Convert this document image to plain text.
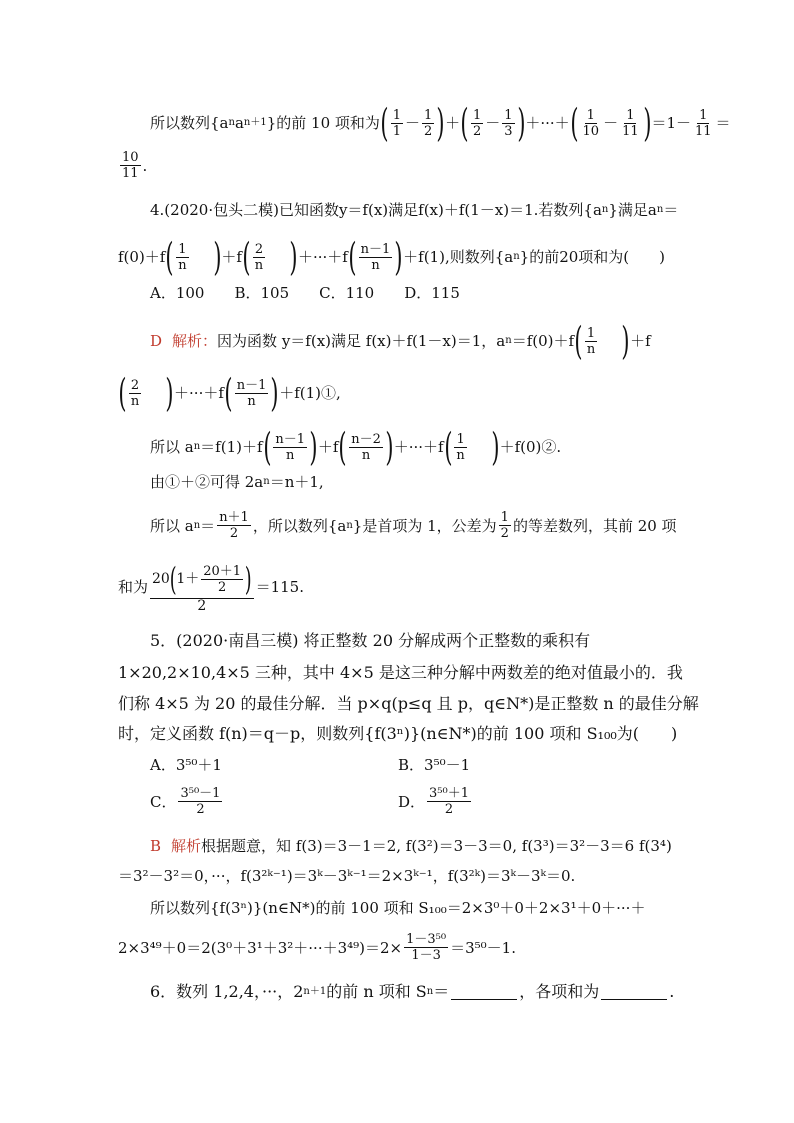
所以数列{a n a n＋1 }的前 10 项和为 ( $\frac{1}{1} - \frac{1}{2}$ ) ＋ ( $\frac{1}{2} - \frac{1}{3}$ ) ＋···＋ ( $\frac{1}{10} - \frac{1}{11}$ ) $=1- \frac{1}{11}$ ＝
$\frac{10}{11}$ .
4.(2020·包头二模)已知函数y＝f(x)满足f(x)＋f(1－x)＝1.若数列{a n }满足a n ＝
f(0)＋f ( $\frac{1}{n}$ ) ＋f ( $\frac{2}{n}$ ) ＋···＋f ( $\frac{n-1}{n}$ ) ＋f(1),则数列{a n }的前20项和为(　　)
A．100　　B．105　　C．110　　D．115
D 解析： 因为函数 y＝f(x)满足 f(x)＋f(1－x)＝1，a n ＝f(0)＋f ( $\frac{1}{n}$ ) ＋f
( $\frac{2}{n}$ ) ＋···＋f ( $\frac{n-1}{n}$ ) ＋f(1)①,
所以 a n ＝f(1)＋f ( $\frac{n-1}{n}$ ) ＋f ( $\frac{n-2}{n}$ ) ＋···＋f ( $\frac{1}{n}$ ) ＋f(0)②.
由①＋②可得 2a n ＝n＋1,
所以 a $n = \frac{n+1}{2}$ ，所以数列{a n }是首项为 1，公差为 $\frac{1}{2}$ 的等差数列，其前 20 项
和为 $\frac{20 ( 1+ \frac{20+1}{2} )}{2} =115$.
5．(2020·南昌三模) 将正整数 20 分解成两个正整数的乘积有
1×20,2×10,4×5 三种，其中 4×5 是这三种分解中两数差的绝对值最小的．我
们称 4×5 为 20 的最佳分解．当 p×q(p≤q 且 p，q∈N*)是正整数 n 的最佳分解
时，定义函数 f(n)＝q－p，则数列{f(3ⁿ)}(n∈N*)的前 100 项和 S₁₀₀为(　　)
A．3⁵⁰＋1	B．3⁵⁰－1
C． $\frac{\text{3⁵⁰－1}}{2}$	D． $\frac{\text{3⁵⁰＋1}}{2}$
B 解析 根据题意，知 f(3)＝3－1＝2, f(3²)＝3－3＝0, f(3³)＝3²－3＝6 f(3⁴)
＝3²－3²＝0，···，f(3²ᵏ⁻¹)＝3ᵏ－3ᵏ⁻¹＝2×3ᵏ⁻¹，f(3²ᵏ)＝3ᵏ－3ᵏ＝0.
所以数列{f(3ⁿ)}(n∈N*)的前 100 项和 S₁₀₀＝2×3⁰＋0＋2×3¹＋0＋···＋
$2\times 3^{49}+0=2(3^0+3^1+3^2+\cdot\cdot\cdot+3^{49})=2\times \frac{\text{1－3⁵⁰}}{1-3} =3^{50}-1$.
6．数列 1,2,4，···，2 n＋1 的前 n 项和 S n ＝	，各项和为	.
